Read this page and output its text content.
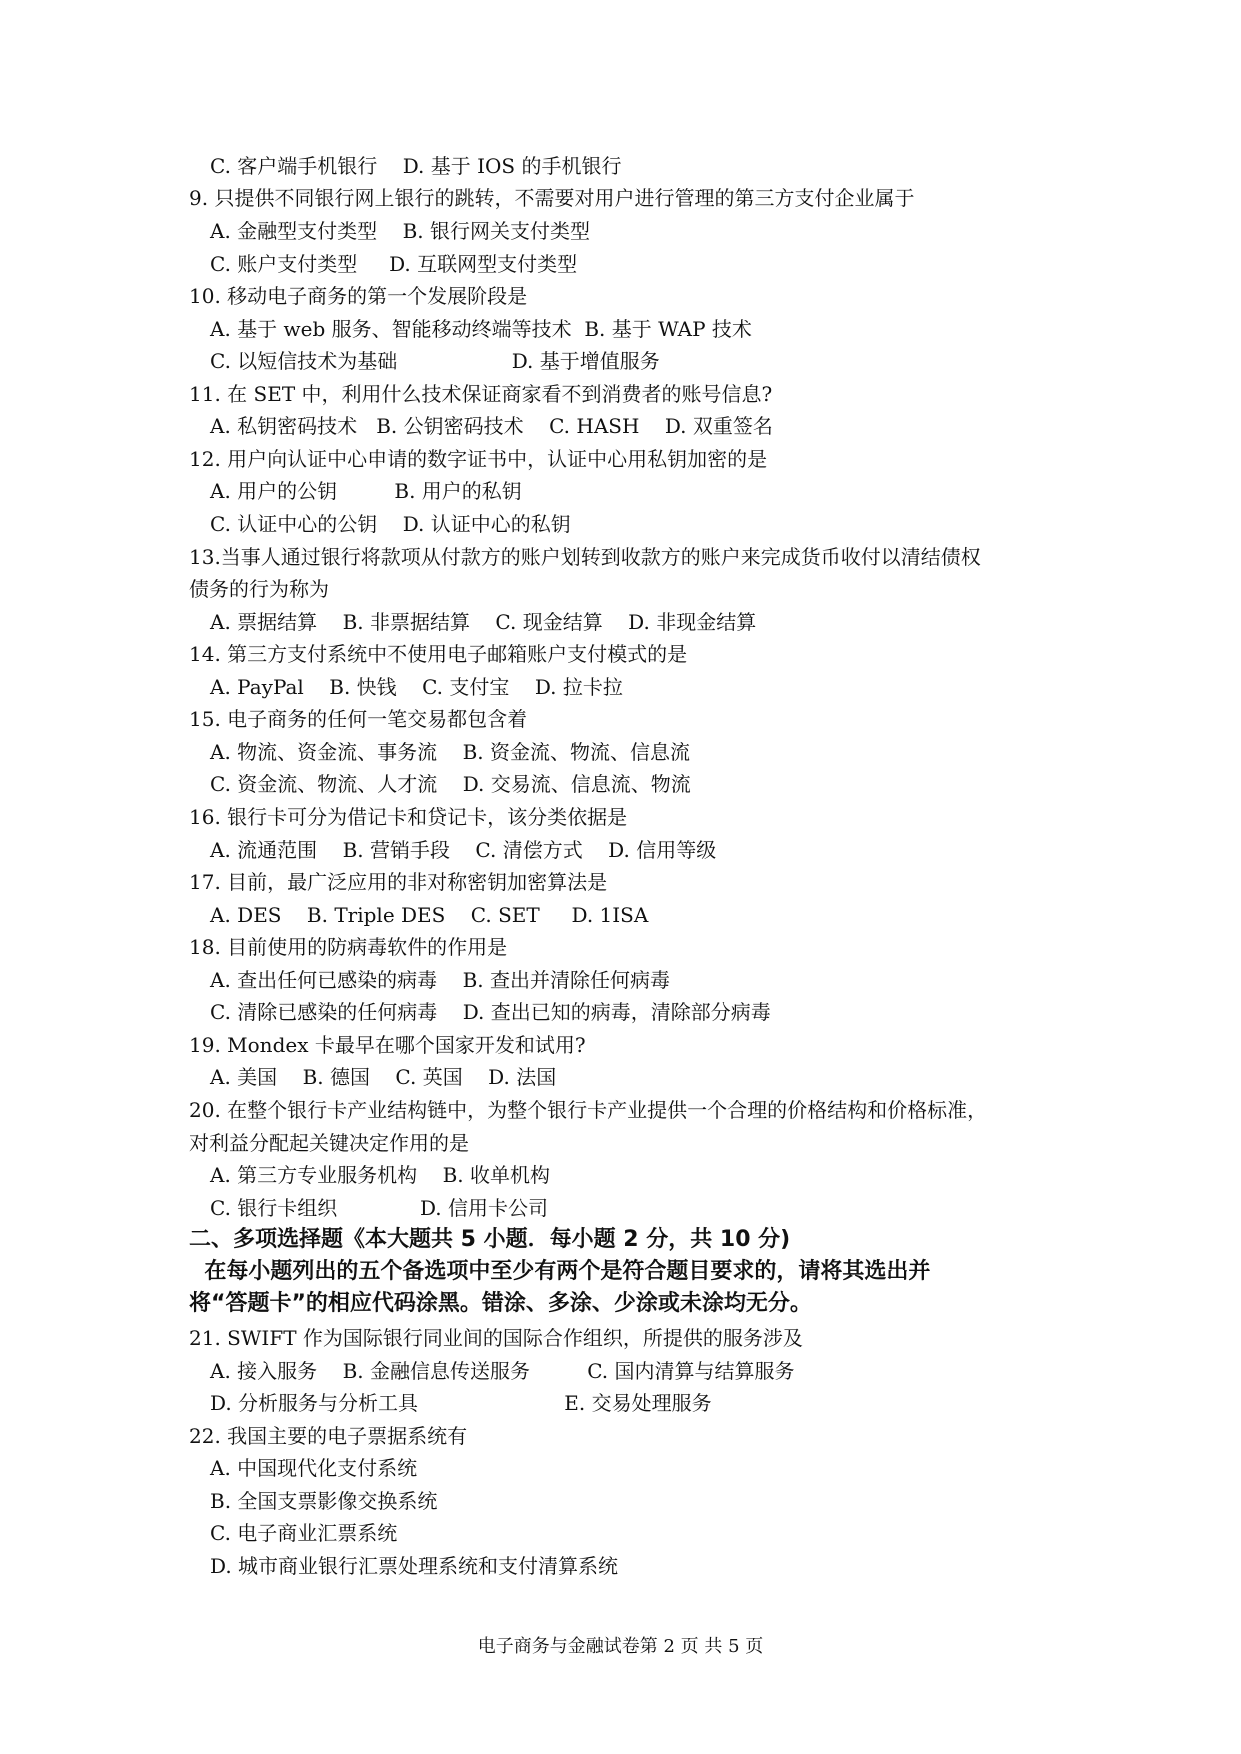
C. 客户端手机银行    D. 基于 IOS 的手机银行
9. 只提供不同银行网上银行的跳转，不需要对用户进行管理的第三方支付企业属于
A. 金融型支付类型    B. 银行网关支付类型
C. 账户支付类型     D. 互联网型支付类型
10. 移动电子商务的第一个发展阶段是
A. 基于 web 服务、智能移动终端等技术  B. 基于 WAP 技术
C. 以短信技术为基础                  D. 基于增值服务
11. 在 SET 中，利用什么技术保证商家看不到消费者的账号信息?
A. 私钥密码技术   B. 公钥密码技术    C. HASH    D. 双重签名
12. 用户向认证中心申请的数字证书中，认证中心用私钥加密的是
A. 用户的公钥         B. 用户的私钥
C. 认证中心的公钥    D. 认证中心的私钥
13.当事人通过银行将款项从付款方的账户划转到收款方的账户来完成货币收付以清结债权
债务的行为称为
A. 票据结算    B. 非票据结算    C. 现金结算    D. 非现金结算
14. 第三方支付系统中不使用电子邮箱账户支付模式的是
A. PayPal    B. 快钱    C. 支付宝    D. 拉卡拉
15. 电子商务的任何一笔交易都包含着
A. 物流、资金流、事务流    B. 资金流、物流、信息流
C. 资金流、物流、人才流    D. 交易流、信息流、物流
16. 银行卡可分为借记卡和贷记卡，该分类依据是
A. 流通范围    B. 营销手段    C. 清偿方式    D. 信用等级
17. 目前，最广泛应用的非对称密钥加密算法是
A. DES    B. Triple DES    C. SET     D. 1ISA
18. 目前使用的防病毒软件的作用是
A. 查出任何已感染的病毒    B. 查出并清除任何病毒
C. 清除已感染的任何病毒    D. 查出已知的病毒，清除部分病毒
19. Mondex 卡最早在哪个国家开发和试用?
A. 美国    B. 德国    C. 英国    D. 法国
20. 在整个银行卡产业结构链中，为整个银行卡产业提供一个合理的价格结构和价格标准，
对利益分配起关键决定作用的是
A. 第三方专业服务机构    B. 收单机构
C. 银行卡组织             D. 信用卡公司
二、多项选择题《本大题共 5 小题．每小题 2 分，共 10 分)
在每小题列出的五个备选项中至少有两个是符合题目要求的，请将其选出并
将“答题卡”的相应代码涂黑。错涂、多涂、少涂或未涂均无分。
21. SWIFT 作为国际银行同业间的国际合作组织，所提供的服务涉及
A. 接入服务    B. 金融信息传送服务         C. 国内清算与结算服务
D. 分析服务与分析工具                       E. 交易处理服务
22. 我国主要的电子票据系统有
A. 中国现代化支付系统
B. 全国支票影像交换系统
C. 电子商业汇票系统
D. 城市商业银行汇票处理系统和支付清算系统
电子商务与金融试卷第 2 页 共 5 页
